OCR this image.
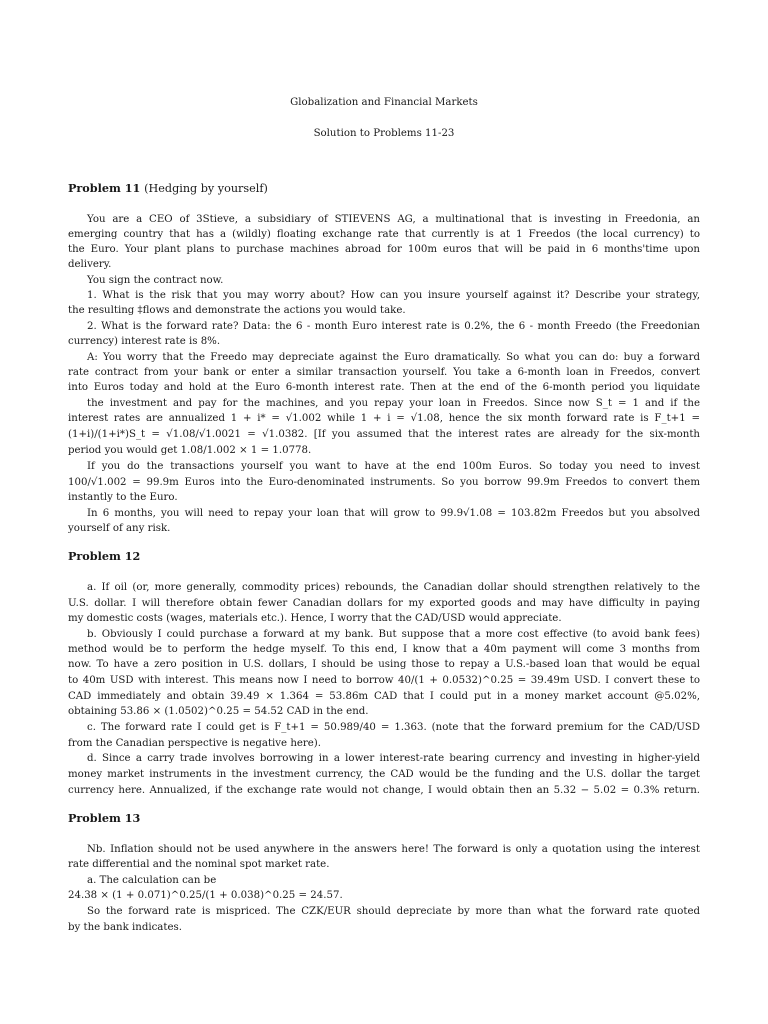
Globalization and Financial Markets
Solution to Problems 11-23
Problem 11 (Hedging by yourself)
You are a CEO of 3Stieve, a subsidiary of STIEVENS AG, a multinational that is investing in Freedonia, an
emerging country that has a (wildly) floating exchange rate that currently is at 1 Freedos (the local currency) to
the Euro. Your plant plans to purchase machines abroad for 100m euros that will be paid in 6 months'time upon
delivery.
You sign the contract now.
1. What is the risk that you may worry about? How can you insure yourself against it? Describe your strategy,
the resulting ‡flows and demonstrate the actions you would take.
2. What is the forward rate? Data: the 6 - month Euro interest rate is 0.2%, the 6 - month Freedo (the Freedonian
currency) interest rate is 8%.
A: You worry that the Freedo may depreciate against the Euro dramatically. So what you can do: buy a forward
rate contract from your bank or enter a similar transaction yourself. You take a 6-month loan in Freedos, convert
into Euros today and hold at the Euro 6-month interest rate. Then at the end of the 6-month period you liquidate
the investment and pay for the machines, and you repay your loan in Freedos. Since now S_t = 1 and if the
interest rates are annualized 1 + i* = √1.002 while 1 + i = √1.08, hence the six month forward rate is F_t+1 =
(1+i)/(1+i*)S_t = √1.08/√1.0021 = √1.0382. [If you assumed that the interest rates are already for the six-month
period you would get 1.08/1.002 × 1 = 1.0778.
If you do the transactions yourself you want to have at the end 100m Euros. So today you need to invest
100/√1.002 = 99.9m Euros into the Euro-denominated instruments. So you borrow 99.9m Freedos to convert them
instantly to the Euro.
In 6 months, you will need to repay your loan that will grow to 99.9√1.08 = 103.82m Freedos but you absolved
yourself of any risk.
Problem 12
a. If oil (or, more generally, commodity prices) rebounds, the Canadian dollar should strengthen relatively to the
U.S. dollar. I will therefore obtain fewer Canadian dollars for my exported goods and may have difficulty in paying
my domestic costs (wages, materials etc.). Hence, I worry that the CAD/USD would appreciate.
b. Obviously I could purchase a forward at my bank. But suppose that a more cost effective (to avoid bank fees)
method would be to perform the hedge myself. To this end, I know that a 40m payment will come 3 months from
now. To have a zero position in U.S. dollars, I should be using those to repay a U.S.-based loan that would be equal
to 40m USD with interest. This means now I need to borrow 40/(1 + 0.0532)^0.25 = 39.49m USD. I convert these to
CAD immediately and obtain 39.49 × 1.364 = 53.86m CAD that I could put in a money market account @5.02%,
obtaining 53.86 × (1.0502)^0.25 = 54.52 CAD in the end.
c. The forward rate I could get is F_t+1 = 50.989/40 = 1.363. (note that the forward premium for the CAD/USD
from the Canadian perspective is negative here).
d. Since a carry trade involves borrowing in a lower interest-rate bearing currency and investing in higher-yield
money market instruments in the investment currency, the CAD would be the funding and the U.S. dollar the target
currency here. Annualized, if the exchange rate would not change, I would obtain then an 5.32 − 5.02 = 0.3% return.
Problem 13
Nb. Inflation should not be used anywhere in the answers here! The forward is only a quotation using the interest
rate differential and the nominal spot market rate.
a. The calculation can be
24.38 × (1 + 0.071)^0.25/(1 + 0.038)^0.25 = 24.57.
So the forward rate is mispriced. The CZK/EUR should depreciate by more than what the forward rate quoted
by the bank indicates.
